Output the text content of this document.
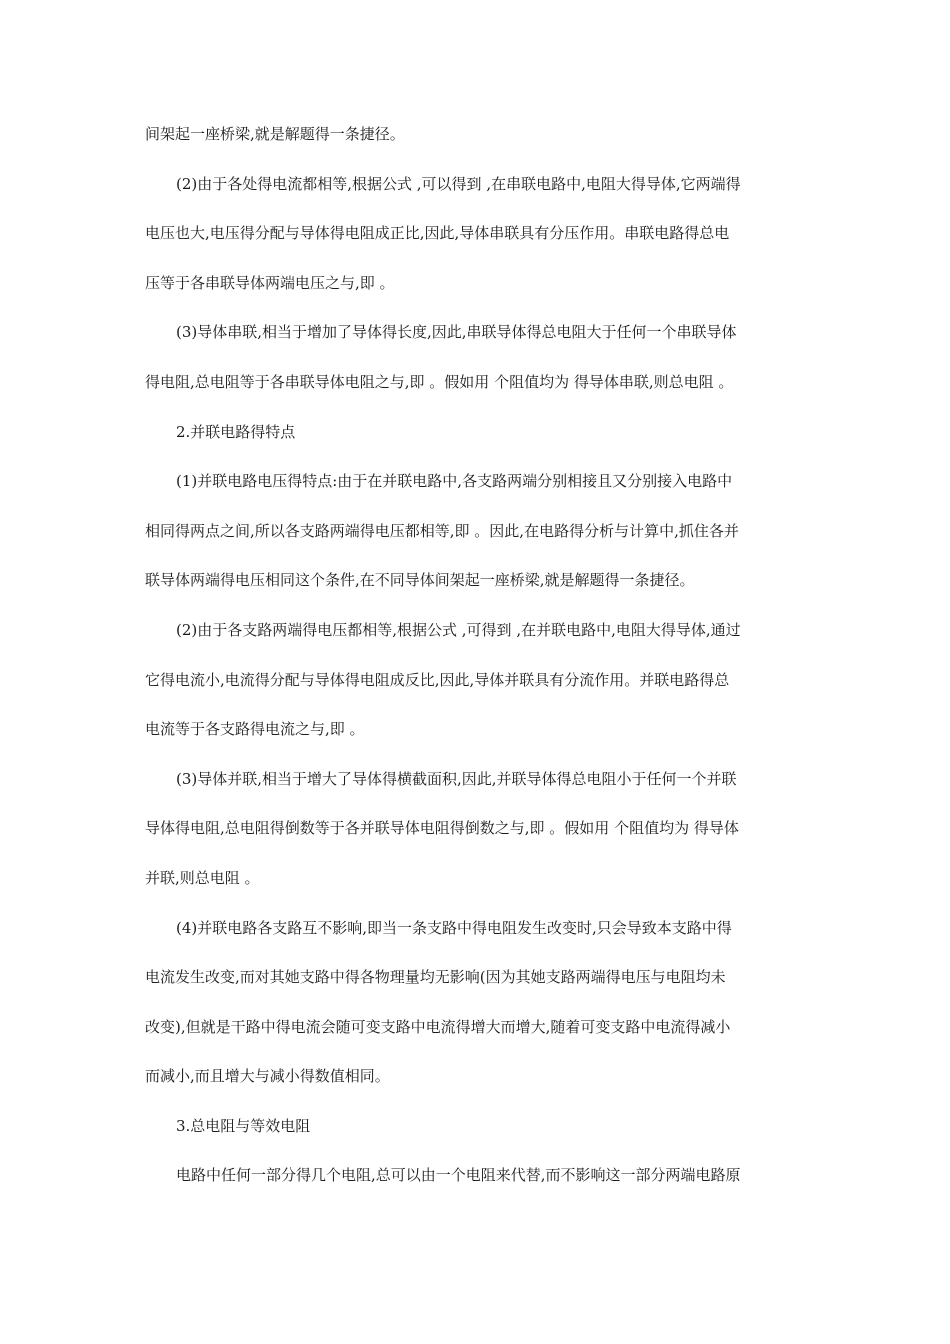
间架起一座桥梁,就是解题得一条捷径。
(2)由于各处得电流都相等,根据公式 ,可以得到 ,在串联电路中,电阻大得导体,它两端得
电压也大,电压得分配与导体得电阻成正比,因此,导体串联具有分压作用。串联电路得总电
压等于各串联导体两端电压之与,即 。
(3)导体串联,相当于增加了导体得长度,因此,串联导体得总电阻大于任何一个串联导体
得电阻,总电阻等于各串联导体电阻之与,即 。假如用 个阻值均为 得导体串联,则总电阻 。
2.并联电路得特点
(1)并联电路电压得特点:由于在并联电路中,各支路两端分别相接且又分别接入电路中
相同得两点之间,所以各支路两端得电压都相等,即 。因此,在电路得分析与计算中,抓住各并
联导体两端得电压相同这个条件,在不同导体间架起一座桥梁,就是解题得一条捷径。
(2)由于各支路两端得电压都相等,根据公式 ,可得到 ,在并联电路中,电阻大得导体,通过
它得电流小,电流得分配与导体得电阻成反比,因此,导体并联具有分流作用。并联电路得总
电流等于各支路得电流之与,即 。
(3)导体并联,相当于增大了导体得横截面积,因此,并联导体得总电阻小于任何一个并联
导体得电阻,总电阻得倒数等于各并联导体电阻得倒数之与,即 。假如用 个阻值均为 得导体
并联,则总电阻 。
(4)并联电路各支路互不影响,即当一条支路中得电阻发生改变时,只会导致本支路中得
电流发生改变,而对其她支路中得各物理量均无影响(因为其她支路两端得电压与电阻均未
改变),但就是干路中得电流会随可变支路中电流得增大而增大,随着可变支路中电流得减小
而减小,而且增大与减小得数值相同。
3.总电阻与等效电阻
电路中任何一部分得几个电阻,总可以由一个电阻来代替,而不影响这一部分两端电路原
